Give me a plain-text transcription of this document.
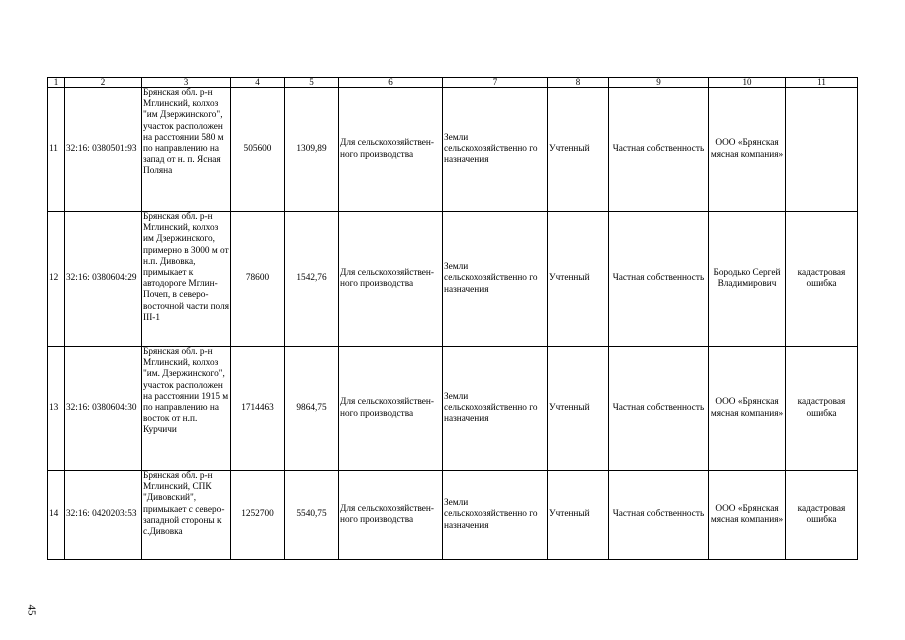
1	2	3	4	5	6	7	8	9	10	11
11	32:16: 0380501:93	Брянская обл. р-н Мглинский, колхоз "им Дзержинского", участок расположен на расстоянии 580 м по направлению на запад от н. п. Ясная Поляна	505600	1309,89	Для сельскохозяйствен-ного производства	Земли сельскохозяйственно го назначения	Учтенный	Частная собственность	ООО «Брянская мясная компания»	
12	32:16: 0380604:29	Брянская обл. р-н Мглинский, колхоз им Дзержинского, примерно в 3000 м от н.п. Дивовка, примыкает к автодороге Мглин-Почеп, в северо-восточной части поля III-1	78600	1542,76	Для сельскохозяйствен-ного производства	Земли сельскохозяйственно го назначения	Учтенный	Частная собственность	Бородько Сергей Владимирович	кадастровая ошибка
13	32:16: 0380604:30	Брянская обл. р-н Мглинский, колхоз "им. Дзержинского", участок расположен на расстоянии 1915 м по направлению на восток от н.п. Курчичи	1714463	9864,75	Для сельскохозяйствен-ного производства	Земли сельскохозяйственно го назначения	Учтенный	Частная собственность	ООО «Брянская мясная компания»	кадастровая ошибка
14	32:16: 0420203:53	Брянская обл. р-н Мглинский, СПК "Дивовский", примыкает с северо-западной стороны к с.Дивовка	1252700	5540,75	Для сельскохозяйствен-ного производства	Земли сельскохозяйственно го назначения	Учтенный	Частная собственность	ООО «Брянская мясная компания»	кадастровая ошибка
45
